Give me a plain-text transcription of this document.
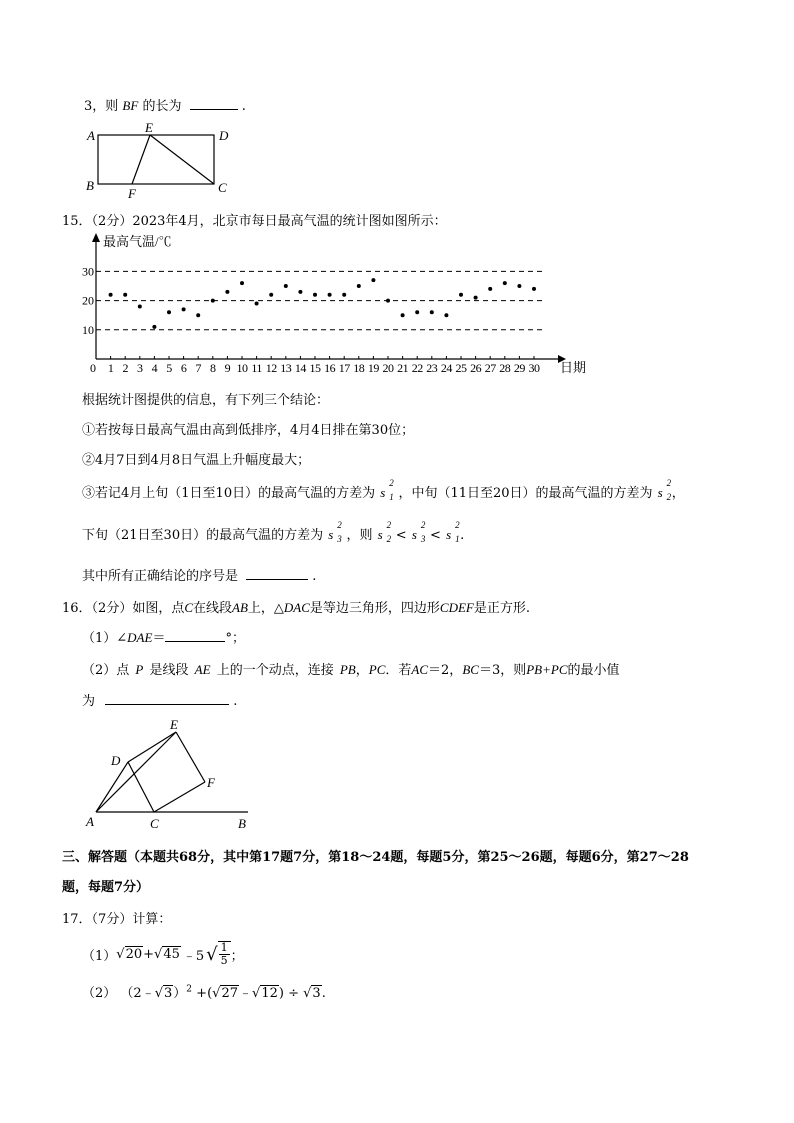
3，则 BF 的长为	.
A
E
D
B
F	C
15．（2分）2023年4月，北京市每日最高气温的统计图如图所示：
最高气温/℃
日期
0
10
20
30
1 2 3 4 5 6 7 8 9 10 11 12 13 14 15 16 17 18 19 20 21 22 23 24 25 26 27 28 29 30
根据统计图提供的信息，有下列三个结论：
①若按每日最高气温由高到低排序，4月4日排在第30位；
②4月7日到4月8日气温上升幅度最大；
③若记4月上旬（1日至10日）的最高气温的方差为 s
2
1 ，中旬（11日至20日）的最高气温的方差为 s
2
2 ，
下旬（21日至30日）的最高气温的方差为 s
2
3 ，则 s
2
2 < s
2
3 < s
2
1 .
其中所有正确结论的序号是	.
16．（2分）如图，点C在线段AB上，△DAC是等边三角形，四边形CDEF是正方形.
（1）∠DAE＝	°；
（2）点 P 是线段 AE 上的一个动点，连接 PB，PC．若AC＝2，BC＝3，则PB+PC的最小值
为	.
A	C	B
D
E
F
三、解答题（本题共68分，其中第17题7分，第18～24题，每题5分，第25～26题，每题6分，第27～28
题，每题7分）
17．（7分）计算：
（1） √20 + √45 ﹣5 √ $\frac{1}{5}$ ；
（2） （2﹣√3）$^2$ +(√27﹣√12) ÷ √3.
